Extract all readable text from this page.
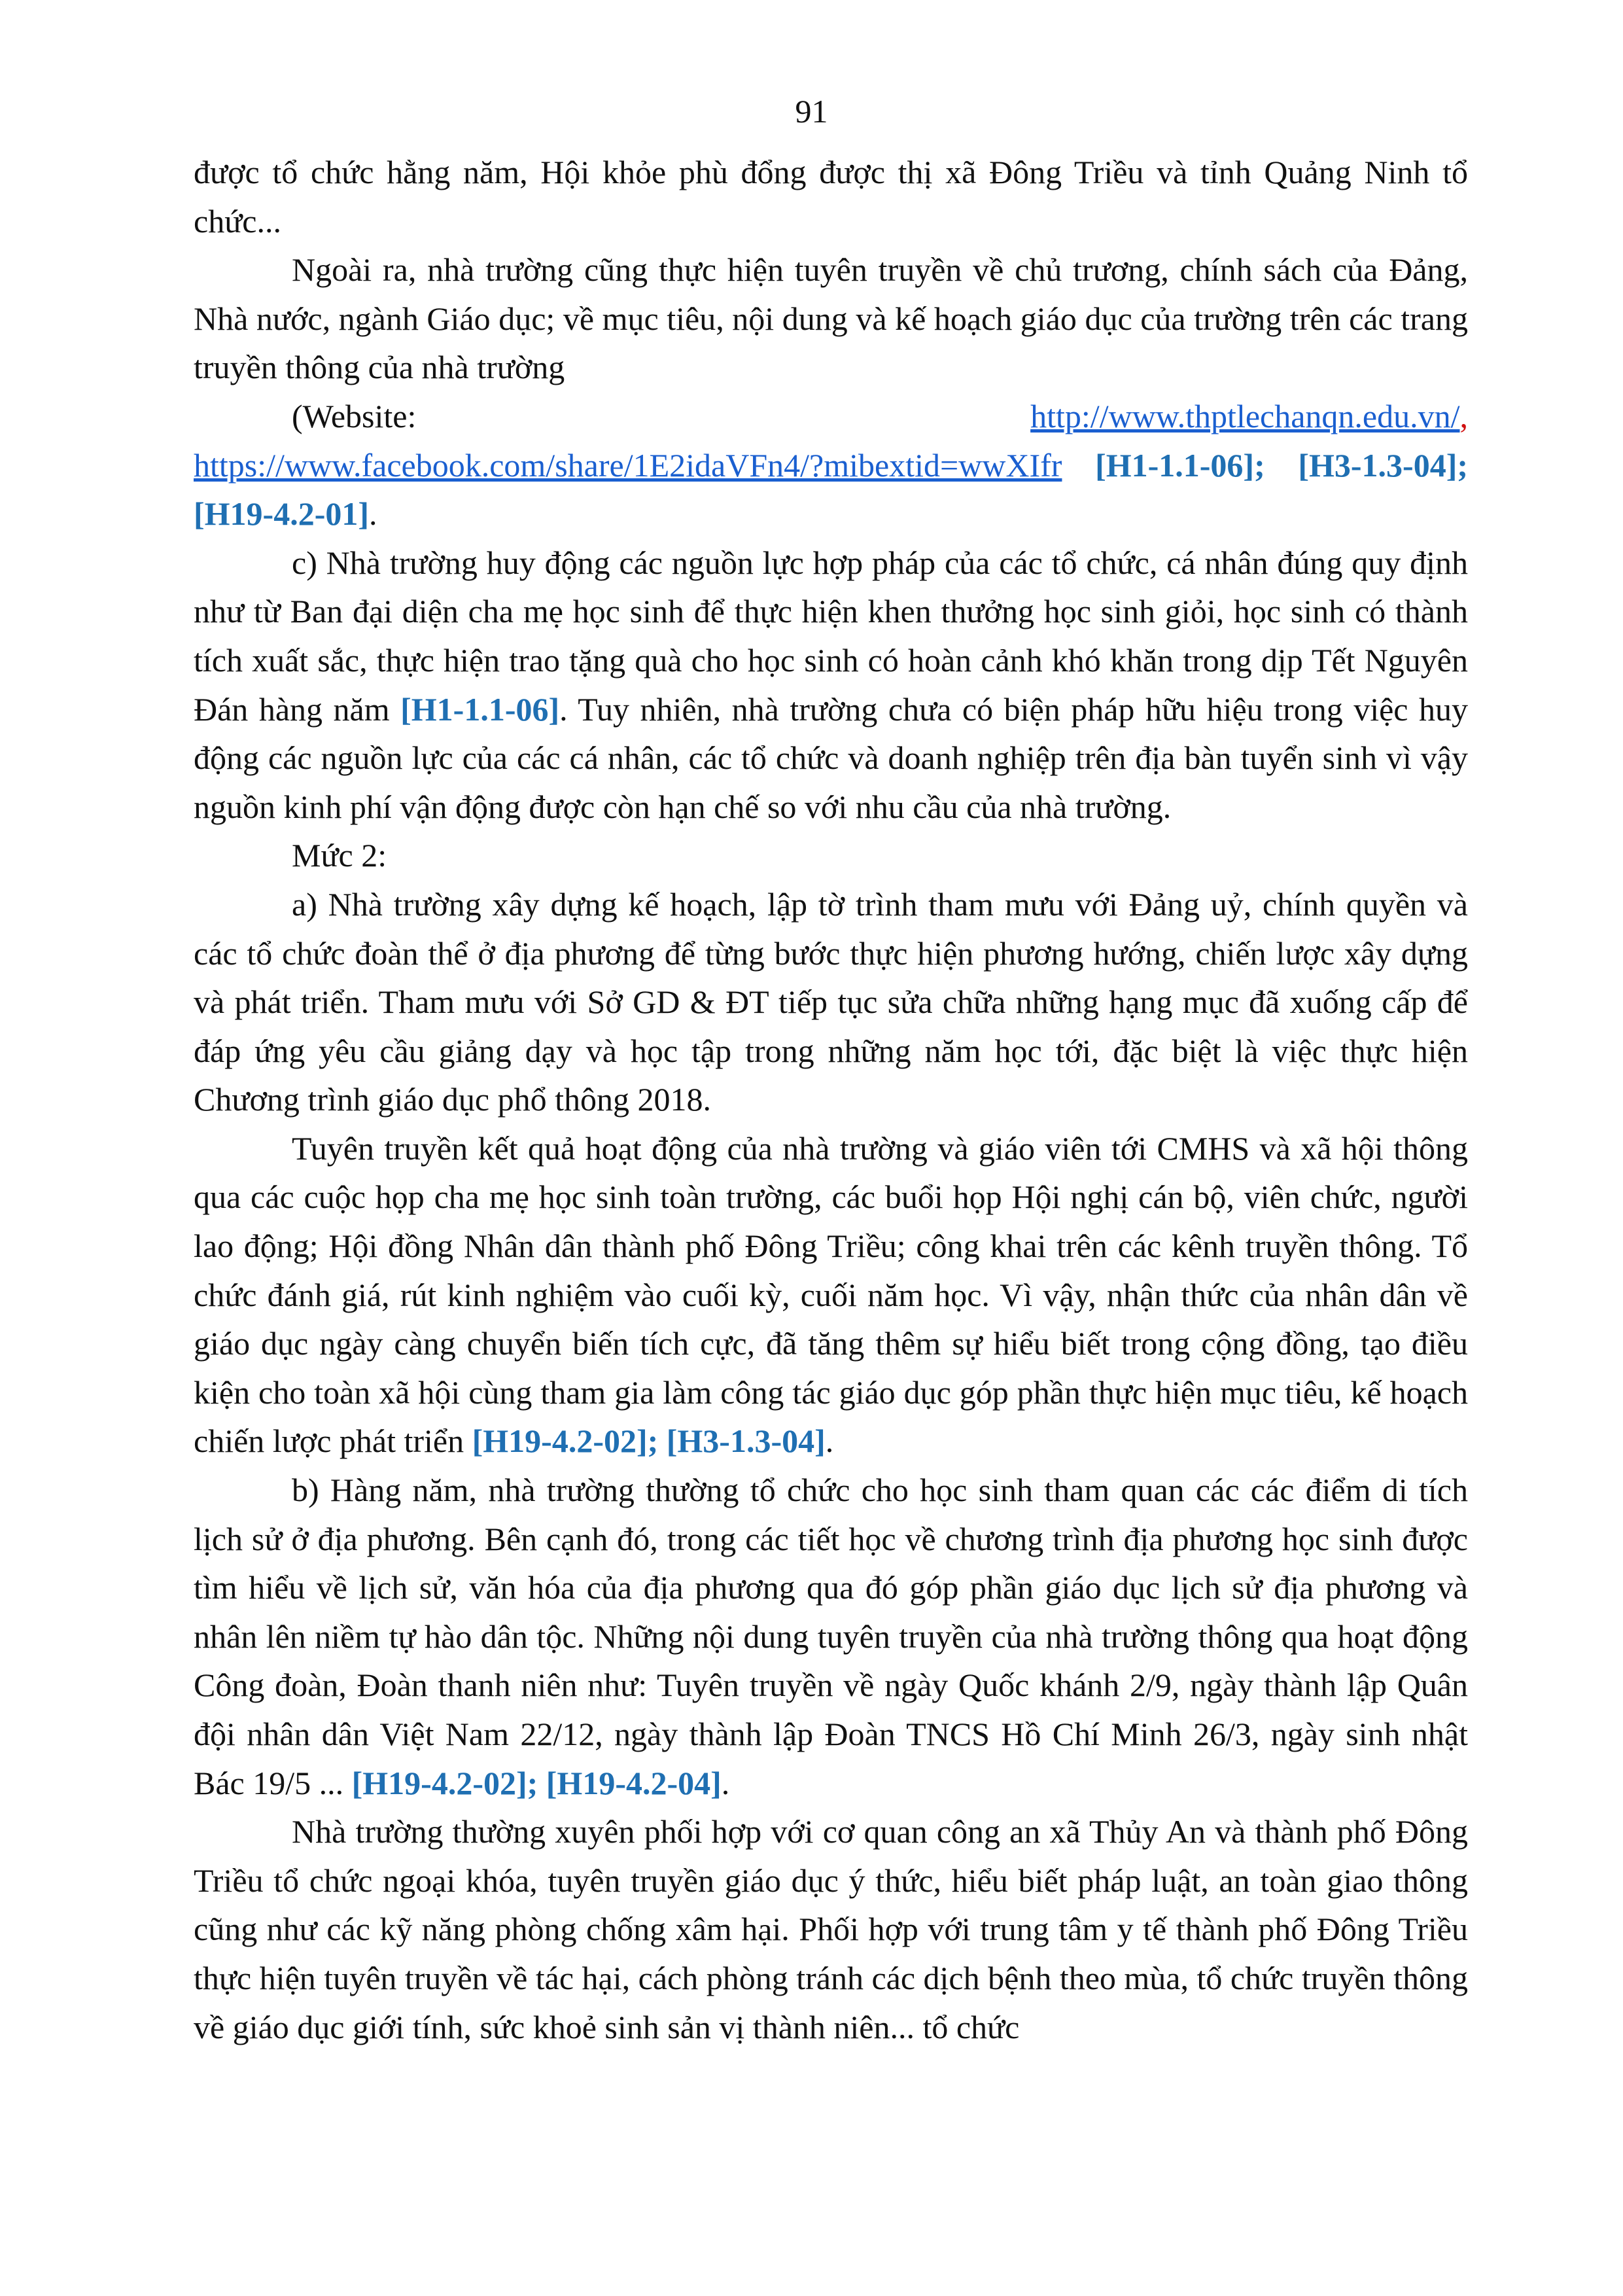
91

được tổ chức hằng năm, Hội khỏe phù đổng được thị xã Đông Triều và tỉnh Quảng Ninh tổ chức...

Ngoài ra, nhà trường cũng thực hiện tuyên truyền về chủ trương, chính sách của Đảng, Nhà nước, ngành Giáo dục; về mục tiêu, nội dung và kế hoạch giáo dục của trường trên các trang truyền thông của nhà trường

(Website: http://www.thptlechanqn.edu.vn/, https://www.facebook.com/share/1E2idaVFn4/?mibextid=wwXIfr [H1-1.1-06]; [H3-1.3-04]; [H19-4.2-01].

c) Nhà trường huy động các nguồn lực hợp pháp của các tổ chức, cá nhân đúng quy định như từ Ban đại diện cha mẹ học sinh để thực hiện khen thưởng học sinh giỏi, học sinh có thành tích xuất sắc, thực hiện trao tặng quà cho học sinh có hoàn cảnh khó khăn trong dịp Tết Nguyên Đán hàng năm [H1-1.1-06]. Tuy nhiên, nhà trường chưa có biện pháp hữu hiệu trong việc huy động các nguồn lực của các cá nhân, các tổ chức và doanh nghiệp trên địa bàn tuyển sinh vì vậy nguồn kinh phí vận động được còn hạn chế so với nhu cầu của nhà trường.

Mức 2:

a) Nhà trường xây dựng kế hoạch, lập tờ trình tham mưu với Đảng uỷ, chính quyền và các tổ chức đoàn thể ở địa phương để từng bước thực hiện phương hướng, chiến lược xây dựng và phát triển. Tham mưu với Sở GD & ĐT tiếp tục sửa chữa những hạng mục đã xuống cấp để đáp ứng yêu cầu giảng dạy và học tập trong những năm học tới, đặc biệt là việc thực hiện Chương trình giáo dục phổ thông 2018.

Tuyên truyền kết quả hoạt động của nhà trường và giáo viên tới CMHS và xã hội thông qua các cuộc họp cha mẹ học sinh toàn trường, các buổi họp Hội nghị cán bộ, viên chức, người lao động; Hội đồng Nhân dân thành phố Đông Triều; công khai trên các kênh truyền thông. Tổ chức đánh giá, rút kinh nghiệm vào cuối kỳ, cuối năm học. Vì vậy, nhận thức của nhân dân về giáo dục ngày càng chuyển biến tích cực, đã tăng thêm sự hiểu biết trong cộng đồng, tạo điều kiện cho toàn xã hội cùng tham gia làm công tác giáo dục góp phần thực hiện mục tiêu, kế hoạch chiến lược phát triển [H19-4.2-02]; [H3-1.3-04].

b) Hàng năm, nhà trường thường tổ chức cho học sinh tham quan các các điểm di tích lịch sử ở địa phương. Bên cạnh đó, trong các tiết học về chương trình địa phương học sinh được tìm hiểu về lịch sử, văn hóa của địa phương qua đó góp phần giáo dục lịch sử địa phương và nhân lên niềm tự hào dân tộc. Những nội dung tuyên truyền của nhà trường thông qua hoạt động Công đoàn, Đoàn thanh niên như: Tuyên truyền về ngày Quốc khánh 2/9, ngày thành lập Quân đội nhân dân Việt Nam 22/12, ngày thành lập Đoàn TNCS Hồ Chí Minh 26/3, ngày sinh nhật Bác 19/5 ... [H19-4.2-02]; [H19-4.2-04].

Nhà trường thường xuyên phối hợp với cơ quan công an xã Thủy An và thành phố Đông Triều tổ chức ngoại khóa, tuyên truyền giáo dục ý thức, hiểu biết pháp luật, an toàn giao thông cũng như các kỹ năng phòng chống xâm hại. Phối hợp với trung tâm y tế thành phố Đông Triều thực hiện tuyên truyền về tác hại, cách phòng tránh các dịch bệnh theo mùa, tổ chức truyền thông về giáo dục giới tính, sức khoẻ sinh sản vị thành niên... tổ chức
